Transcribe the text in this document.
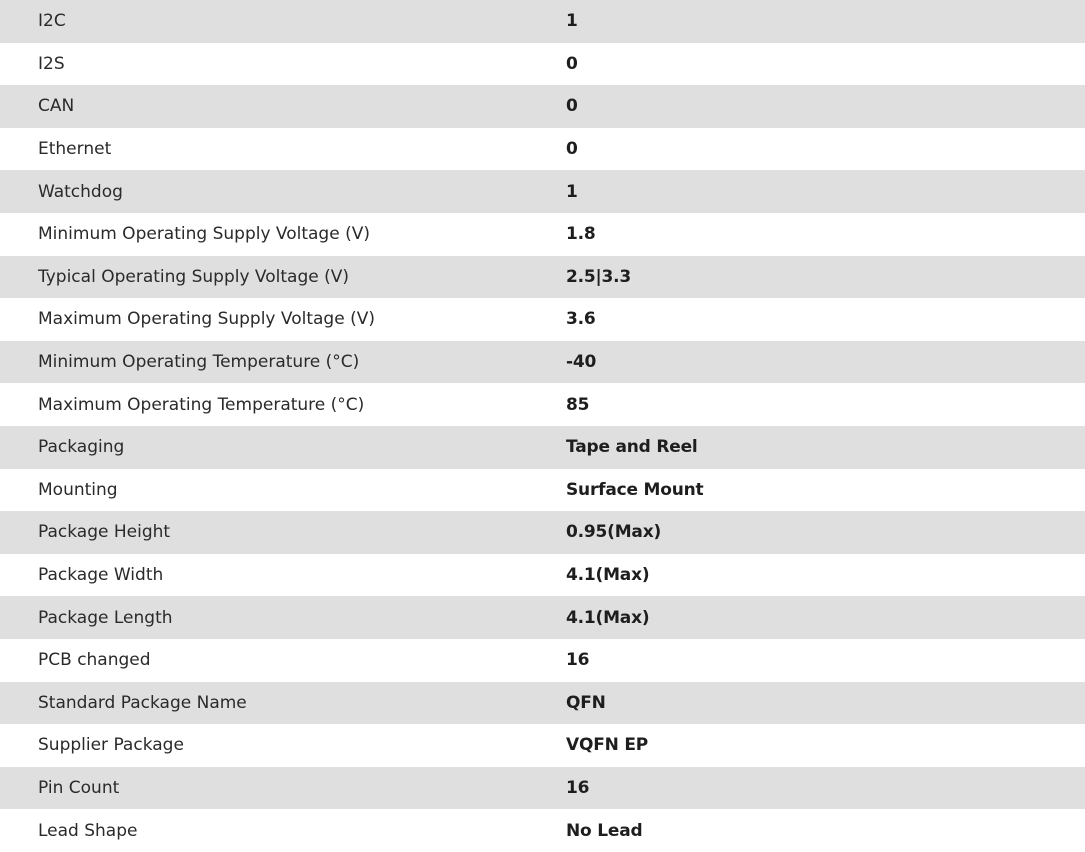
I2C	1
I2S	0
CAN	0
Ethernet	0
Watchdog	1
Minimum Operating Supply Voltage (V)	1.8
Typical Operating Supply Voltage (V)	2.5|3.3
Maximum Operating Supply Voltage (V)	3.6
Minimum Operating Temperature (°C)	-40
Maximum Operating Temperature (°C)	85
Packaging	Tape and Reel
Mounting	Surface Mount
Package Height	0.95(Max)
Package Width	4.1(Max)
Package Length	4.1(Max)
PCB changed	16
Standard Package Name	QFN
Supplier Package	VQFN EP
Pin Count	16
Lead Shape	No Lead
